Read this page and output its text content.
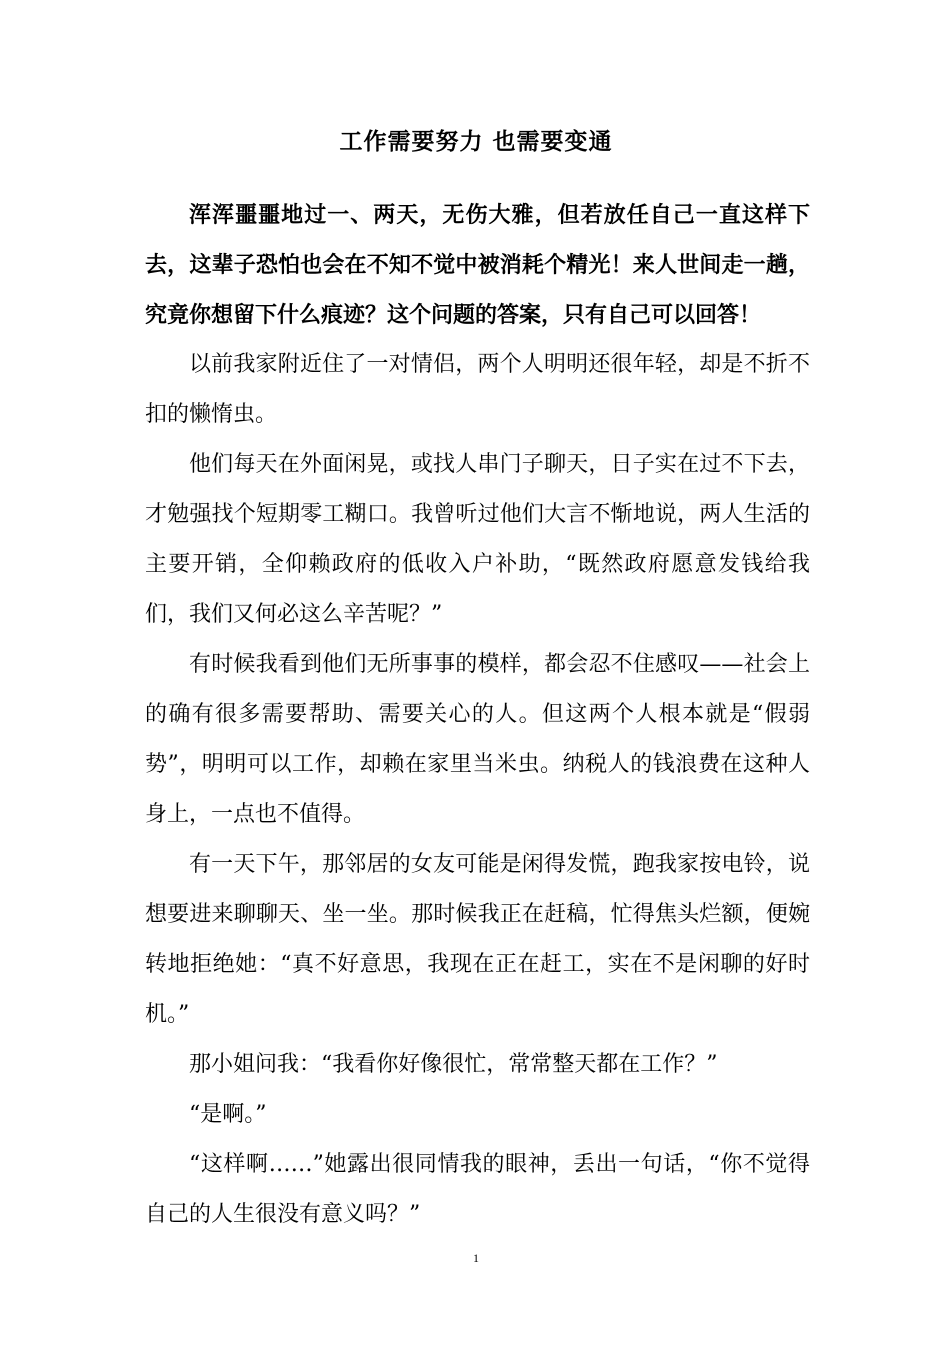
工作需要努力 也需要变通

浑浑噩噩地过一、两天，无伤大雅，但若放任自己一直这样下去，这辈子恐怕也会在不知不觉中被消耗个精光！来人世间走一趟，究竟你想留下什么痕迹？这个问题的答案，只有自己可以回答！

以前我家附近住了一对情侣，两个人明明还很年轻，却是不折不扣的懒惰虫。

他们每天在外面闲晃，或找人串门子聊天，日子实在过不下去，才勉强找个短期零工糊口。我曾听过他们大言不惭地说，两人生活的主要开销，全仰赖政府的低收入户补助，“既然政府愿意发钱给我们，我们又何必这么辛苦呢？”

有时候我看到他们无所事事的模样，都会忍不住感叹——社会上的确有很多需要帮助、需要关心的人。但这两个人根本就是“假弱势”，明明可以工作，却赖在家里当米虫。纳税人的钱浪费在这种人身上，一点也不值得。

有一天下午，那邻居的女友可能是闲得发慌，跑我家按电铃，说想要进来聊聊天、坐一坐。那时候我正在赶稿，忙得焦头烂额，便婉转地拒绝她：“真不好意思，我现在正在赶工，实在不是闲聊的好时机。”

那小姐问我：“我看你好像很忙，常常整天都在工作？”

“是啊。”

“这样啊……”她露出很同情我的眼神，丢出一句话，“你不觉得自己的人生很没有意义吗？”

1
